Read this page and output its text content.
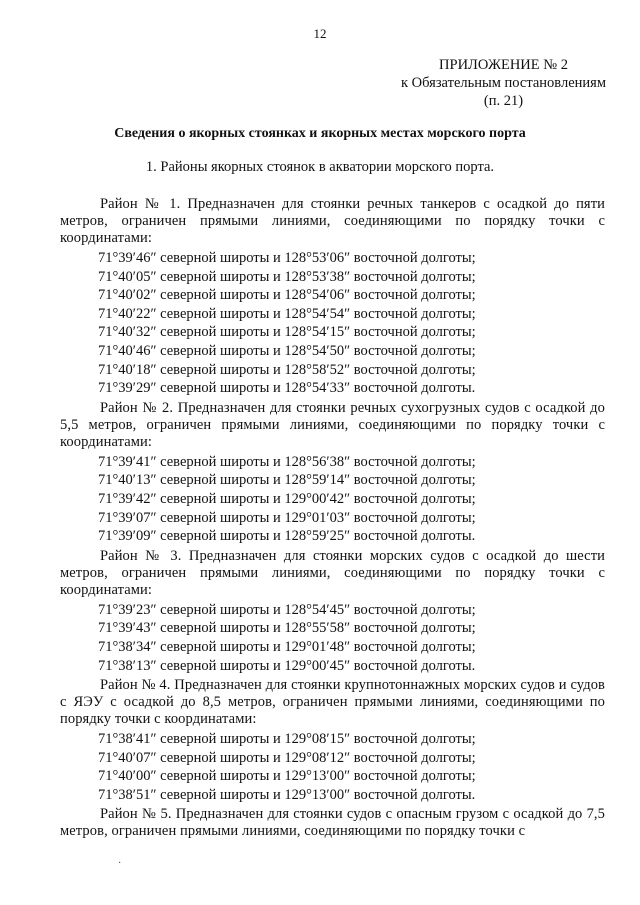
12
ПРИЛОЖЕНИЕ № 2
к Обязательным постановлениям
(п. 21)
Сведения о якорных стоянках и якорных местах морского порта
1. Районы якорных стоянок в акватории морского порта.
Район № 1. Предназначен для стоянки речных танкеров с осадкой до пяти метров, ограничен прямыми линиями, соединяющими по порядку точки с координатами:
71°39′46″ северной широты и 128°53′06″ восточной долготы;
71°40′05″ северной широты и 128°53′38″ восточной долготы;
71°40′02″ северной широты и 128°54′06″ восточной долготы;
71°40′22″ северной широты и 128°54′54″ восточной долготы;
71°40′32″ северной широты и 128°54′15″ восточной долготы;
71°40′46″ северной широты и 128°54′50″ восточной долготы;
71°40′18″ северной широты и 128°58′52″ восточной долготы;
71°39′29″ северной широты и 128°54′33″ восточной долготы.
Район № 2. Предназначен для стоянки речных сухогрузных судов с осадкой до 5,5 метров, ограничен прямыми линиями, соединяющими по порядку точки с координатами:
71°39′41″ северной широты и 128°56′38″ восточной долготы;
71°40′13″ северной широты и 128°59′14″ восточной долготы;
71°39′42″ северной широты и 129°00′42″ восточной долготы;
71°39′07″ северной широты и 129°01′03″ восточной долготы;
71°39′09″ северной широты и 128°59′25″ восточной долготы.
Район № 3. Предназначен для стоянки морских судов с осадкой до шести метров, ограничен прямыми линиями, соединяющими по порядку точки с координатами:
71°39′23″ северной широты и 128°54′45″ восточной долготы;
71°39′43″ северной широты и 128°55′58″ восточной долготы;
71°38′34″ северной широты и 129°01′48″ восточной долготы;
71°38′13″ северной широты и 129°00′45″ восточной долготы.
Район № 4. Предназначен для стоянки крупнотоннажных морских судов и судов с ЯЭУ с осадкой до 8,5 метров, ограничен прямыми линиями, соединяющими по порядку точки с координатами:
71°38′41″ северной широты и 129°08′15″ восточной долготы;
71°40′07″ северной широты и 129°08′12″ восточной долготы;
71°40′00″ северной широты и 129°13′00″ восточной долготы;
71°38′51″ северной широты и 129°13′00″ восточной долготы.
Район № 5. Предназначен для стоянки судов с опасным грузом с осадкой до 7,5 метров, ограничен прямыми линиями, соединяющими по порядку точки с
·
